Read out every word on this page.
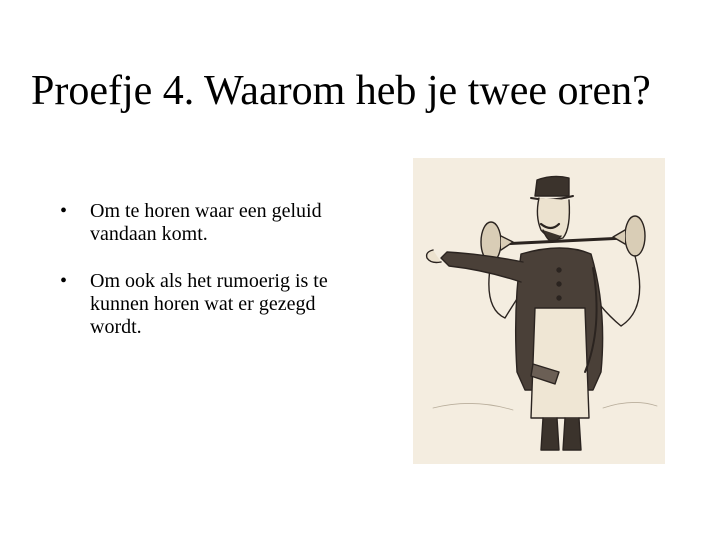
Proefje 4. Waarom heb je twee oren?
• Om te horen waar een geluid vandaan komt.
• Om ook als het rumoerig is te kunnen horen wat er gezegd wordt.
